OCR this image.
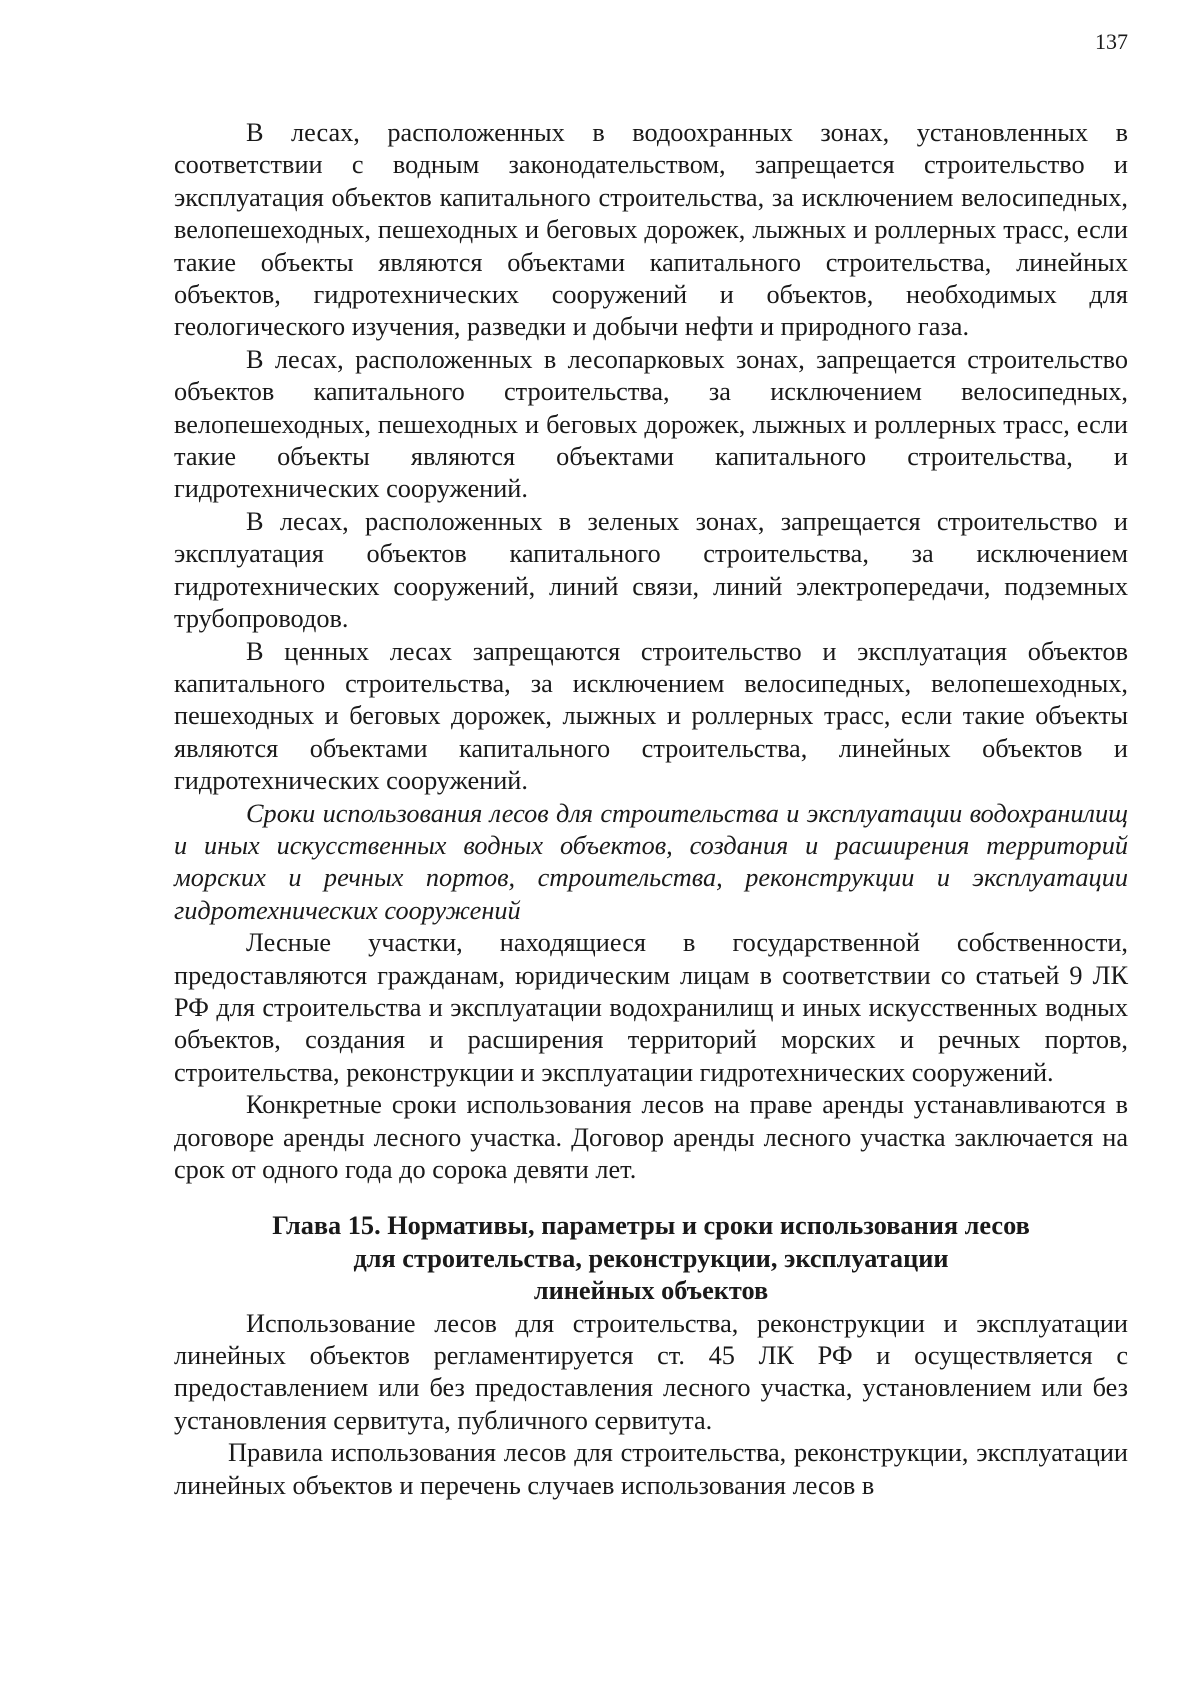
137

В лесах, расположенных в водоохранных зонах, установленных в соответствии с водным законодательством, запрещается строительство и эксплуатация объектов капитального строительства, за исключением велосипедных, велопешеходных, пешеходных и беговых дорожек, лыжных и роллерных трасс, если такие объекты являются объектами капитального строительства, линейных объектов, гидротехнических сооружений и объектов, необходимых для геологического изучения, разведки и добычи нефти и природного газа.

В лесах, расположенных в лесопарковых зонах, запрещается строительство объектов капитального строительства, за исключением велосипедных, велопешеходных, пешеходных и беговых дорожек, лыжных и роллерных трасс, если такие объекты являются объектами капитального строительства, и гидротехнических сооружений.

В лесах, расположенных в зеленых зонах, запрещается строительство и эксплуатация объектов капитального строительства, за исключением гидротехнических сооружений, линий связи, линий электропередачи, подземных трубопроводов.

В ценных лесах запрещаются строительство и эксплуатация объектов капитального строительства, за исключением велосипедных, велопешеходных, пешеходных и беговых дорожек, лыжных и роллерных трасс, если такие объекты являются объектами капитального строительства, линейных объектов и гидротехнических сооружений.

Сроки использования лесов для строительства и эксплуатации водохранилищ и иных искусственных водных объектов, создания и расширения территорий морских и речных портов, строительства, реконструкции и эксплуатации гидротехнических сооружений

Лесные участки, находящиеся в государственной собственности, предоставляются гражданам, юридическим лицам в соответствии со статьей 9 ЛК РФ для строительства и эксплуатации водохранилищ и иных искусственных водных объектов, создания и расширения территорий морских и речных портов, строительства, реконструкции и эксплуатации гидротехнических сооружений.

Конкретные сроки использования лесов на праве аренды устанавливаются в договоре аренды лесного участка. Договор аренды лесного участка заключается на срок от одного года до сорока девяти лет.

Глава 15. Нормативы, параметры и сроки использования лесов
для строительства, реконструкции, эксплуатации
линейных объектов

Использование лесов для строительства, реконструкции и эксплуатации линейных объектов регламентируется ст. 45 ЛК РФ и осуществляется с предоставлением или без предоставления лесного участка, установлением или без установления сервитута, публичного сервитута.

Правила использования лесов для строительства, реконструкции, эксплуатации линейных объектов и перечень случаев использования лесов в
